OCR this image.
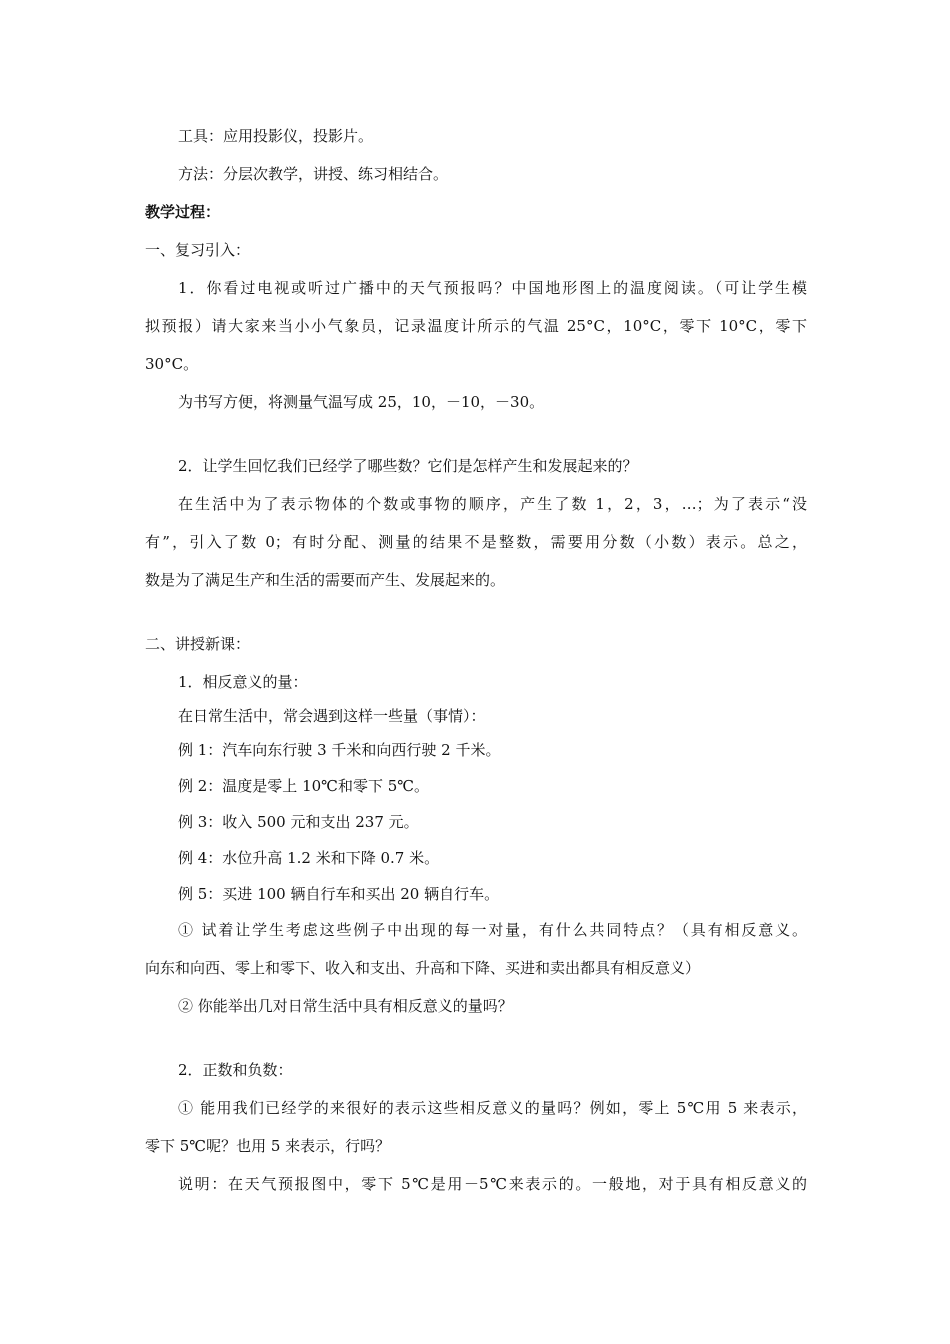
工具：应用投影仪，投影片。
方法：分层次教学，讲授、练习相结合。
教学过程：
一、复习引入：
1．你看过电视或听过广播中的天气预报吗？中国地形图上的温度阅读。（可让学生模
拟预报）请大家来当小小气象员，记录温度计所示的气温 25°C，10°C，零下 10°C，零下
30°C。
为书写方便，将测量气温写成 25，10，－10，－30。
2．让学生回忆我们已经学了哪些数？它们是怎样产生和发展起来的？
在生活中为了表示物体的个数或事物的顺序，产生了数 1，2，3，…；为了表示“没
有”，引入了数 0；有时分配、测量的结果不是整数，需要用分数（小数）表示。总之，
数是为了满足生产和生活的需要而产生、发展起来的。
二、讲授新课：
1．相反意义的量：
在日常生活中，常会遇到这样一些量（事情）：
例 1：汽车向东行驶 3 千米和向西行驶 2 千米。
例 2：温度是零上 10℃和零下 5℃。
例 3：收入 500 元和支出 237 元。
例 4：水位升高 1.2 米和下降 0.7 米。
例 5：买进 100 辆自行车和买出 20 辆自行车。
① 试着让学生考虑这些例子中出现的每一对量，有什么共同特点？（具有相反意义。
向东和向西、零上和零下、收入和支出、升高和下降、买进和卖出都具有相反意义）
② 你能举出几对日常生活中具有相反意义的量吗？
2．正数和负数：
① 能用我们已经学的来很好的表示这些相反意义的量吗？例如，零上 5℃用 5 来表示，
零下 5℃呢？也用 5 来表示，行吗？
说明：在天气预报图中，零下 5℃是用－5℃来表示的。一般地，对于具有相反意义的
